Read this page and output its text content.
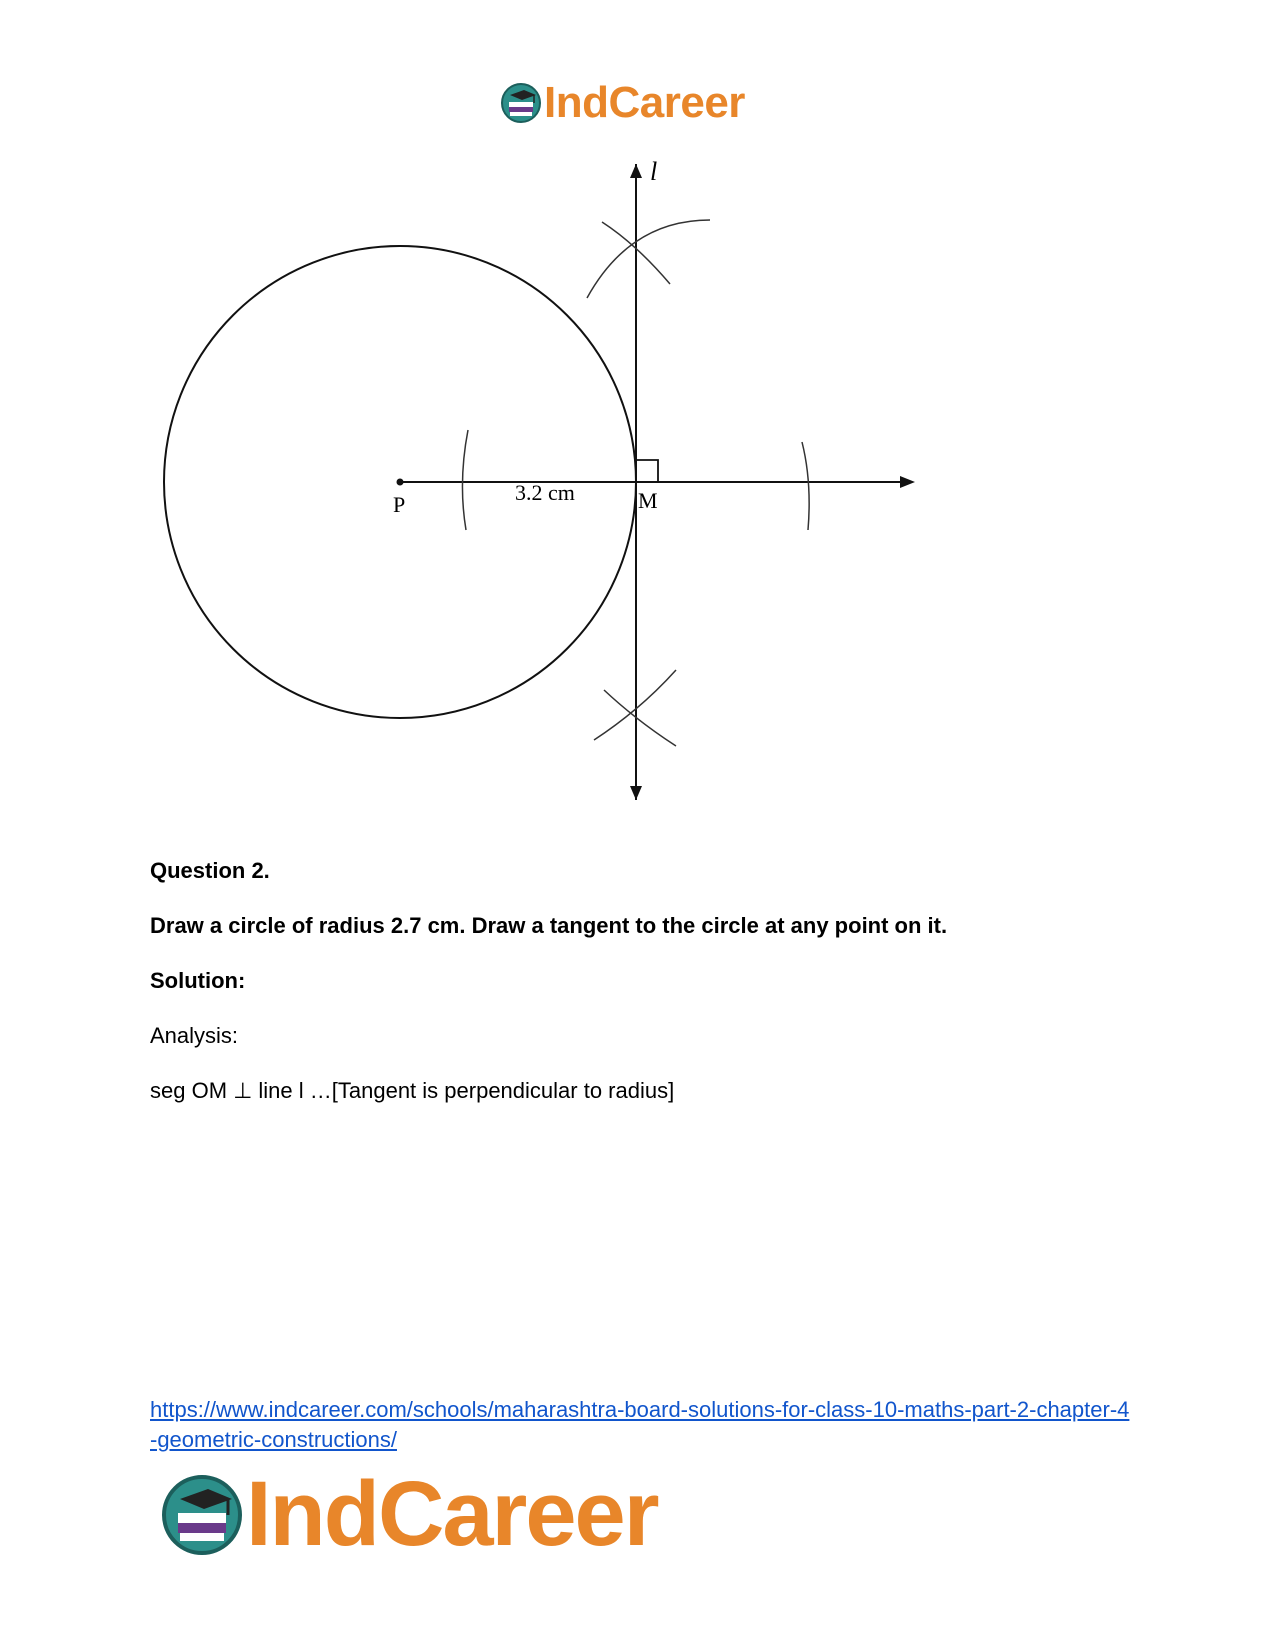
IndCareer
l
P	M
3.2 cm
Question 2.
Draw a circle of radius 2.7 cm. Draw a tangent to the circle at any point on it.
Solution:
Analysis:
seg OM ⊥ line l …[Tangent is perpendicular to radius]
https://www.indcareer.com/schools/maharashtra-board-solutions-for-class-10-maths-part-2-chapter-4-geometric-constructions/
IndCareer
